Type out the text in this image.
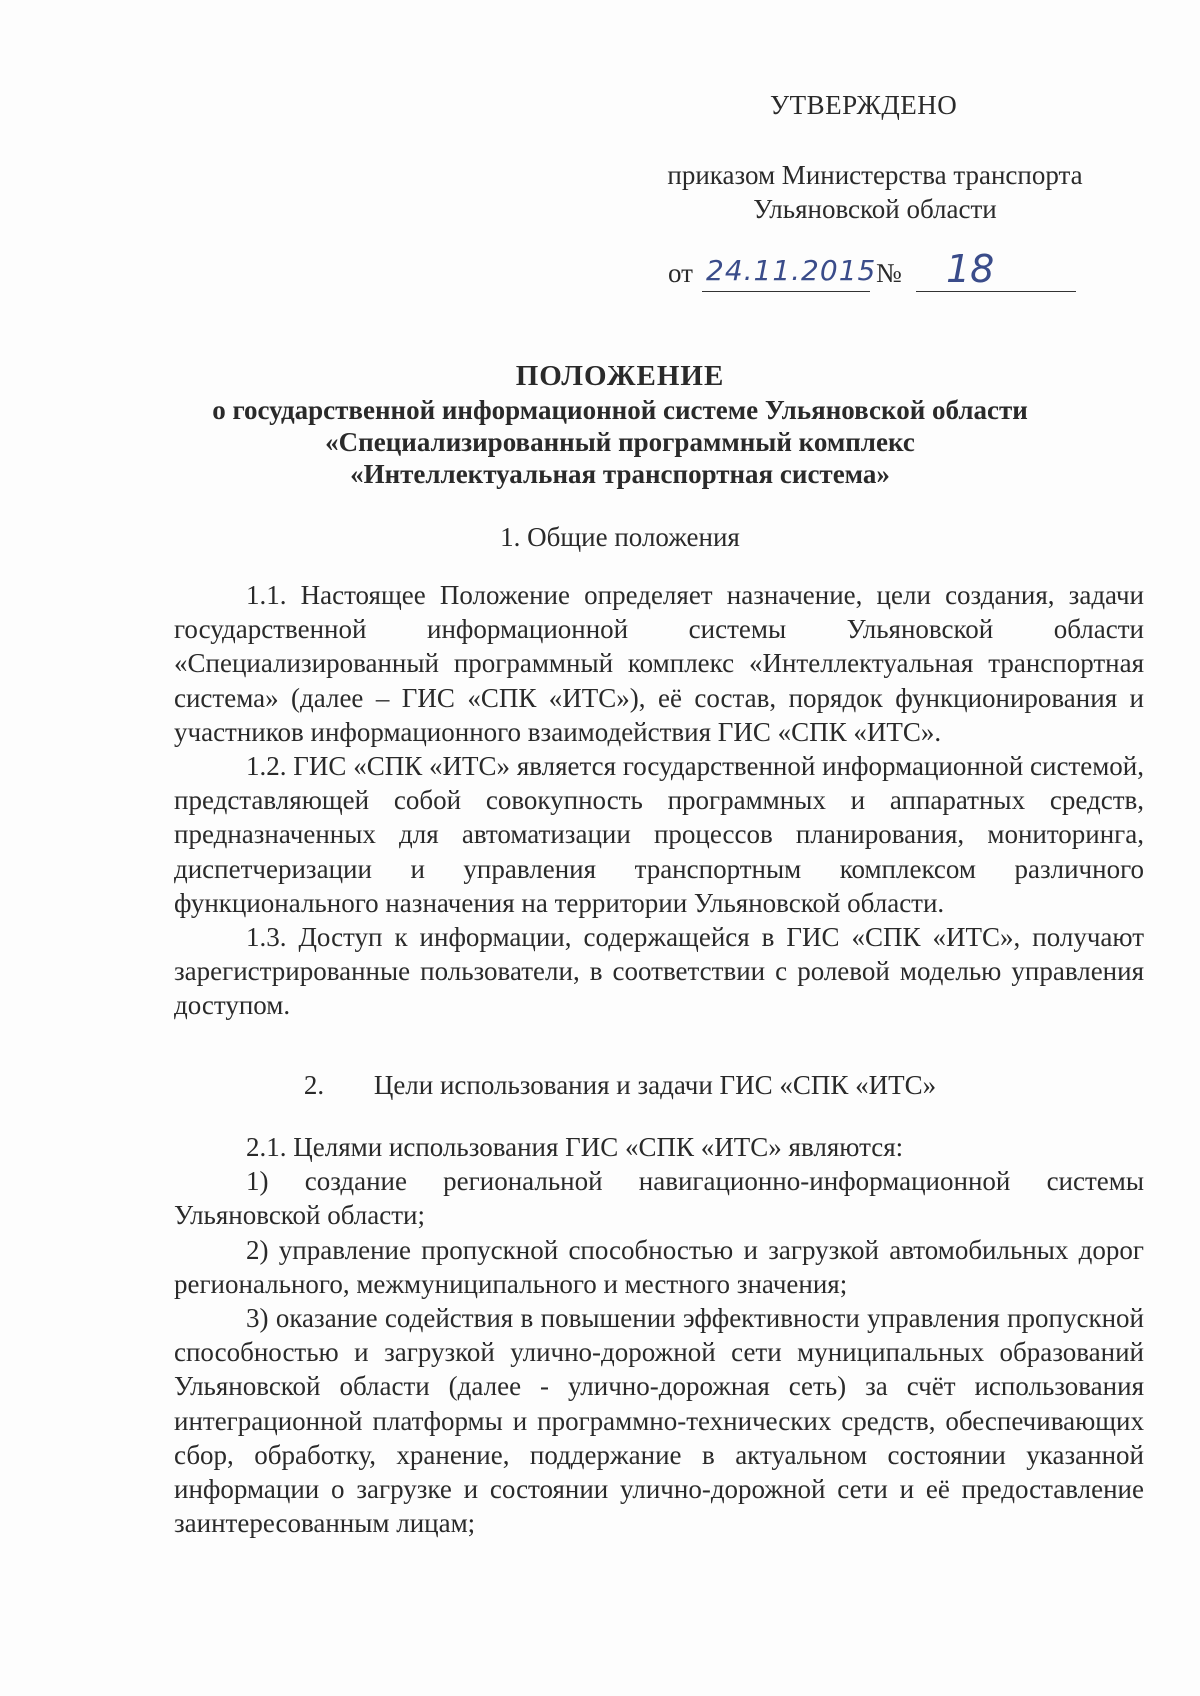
УТВЕРЖДЕНО
приказом Министерства транспорта
Ульяновской области
от 24.11.2015 № 18
ПОЛОЖЕНИЕ
о государственной информационной системе Ульяновской области
«Специализированный программный комплекс
«Интеллектуальная транспортная система»
1. Общие положения

1.1. Настоящее Положение определяет назначение, цели создания, задачи государственной информационной системы Ульяновской области «Специализированный программный комплекс «Интеллектуальная транспортная система» (далее – ГИС «СПК «ИТС»), её состав, порядок функционирования и участников информационного взаимодействия ГИС «СПК «ИТС».

1.2. ГИС «СПК «ИТС» является государственной информационной системой, представляющей собой совокупность программных и аппаратных средств, предназначенных для автоматизации процессов планирования, мониторинга, диспетчеризации и управления транспортным комплексом различного функционального назначения на территории Ульяновской области.

1.3. Доступ к информации, содержащейся в ГИС «СПК «ИТС», получают зарегистрированные пользователи, в соответствии с ролевой моделью управления доступом.

2. Цели использования и задачи ГИС «СПК «ИТС»

2.1. Целями использования ГИС «СПК «ИТС» являются:

1) создание региональной навигационно-информационной системы Ульяновской области;

2) управление пропускной способностью и загрузкой автомобильных дорог регионального, межмуниципального и местного значения;

3) оказание содействия в повышении эффективности управления пропускной способностью и загрузкой улично-дорожной сети муниципальных образований Ульяновской области (далее - улично-дорожная сеть) за счёт использования интеграционной платформы и программно-технических средств, обеспечивающих сбор, обработку, хранение, поддержание в актуальном состоянии указанной информации о загрузке и состоянии улично-дорожной сети и её предоставление заинтересованным лицам;
